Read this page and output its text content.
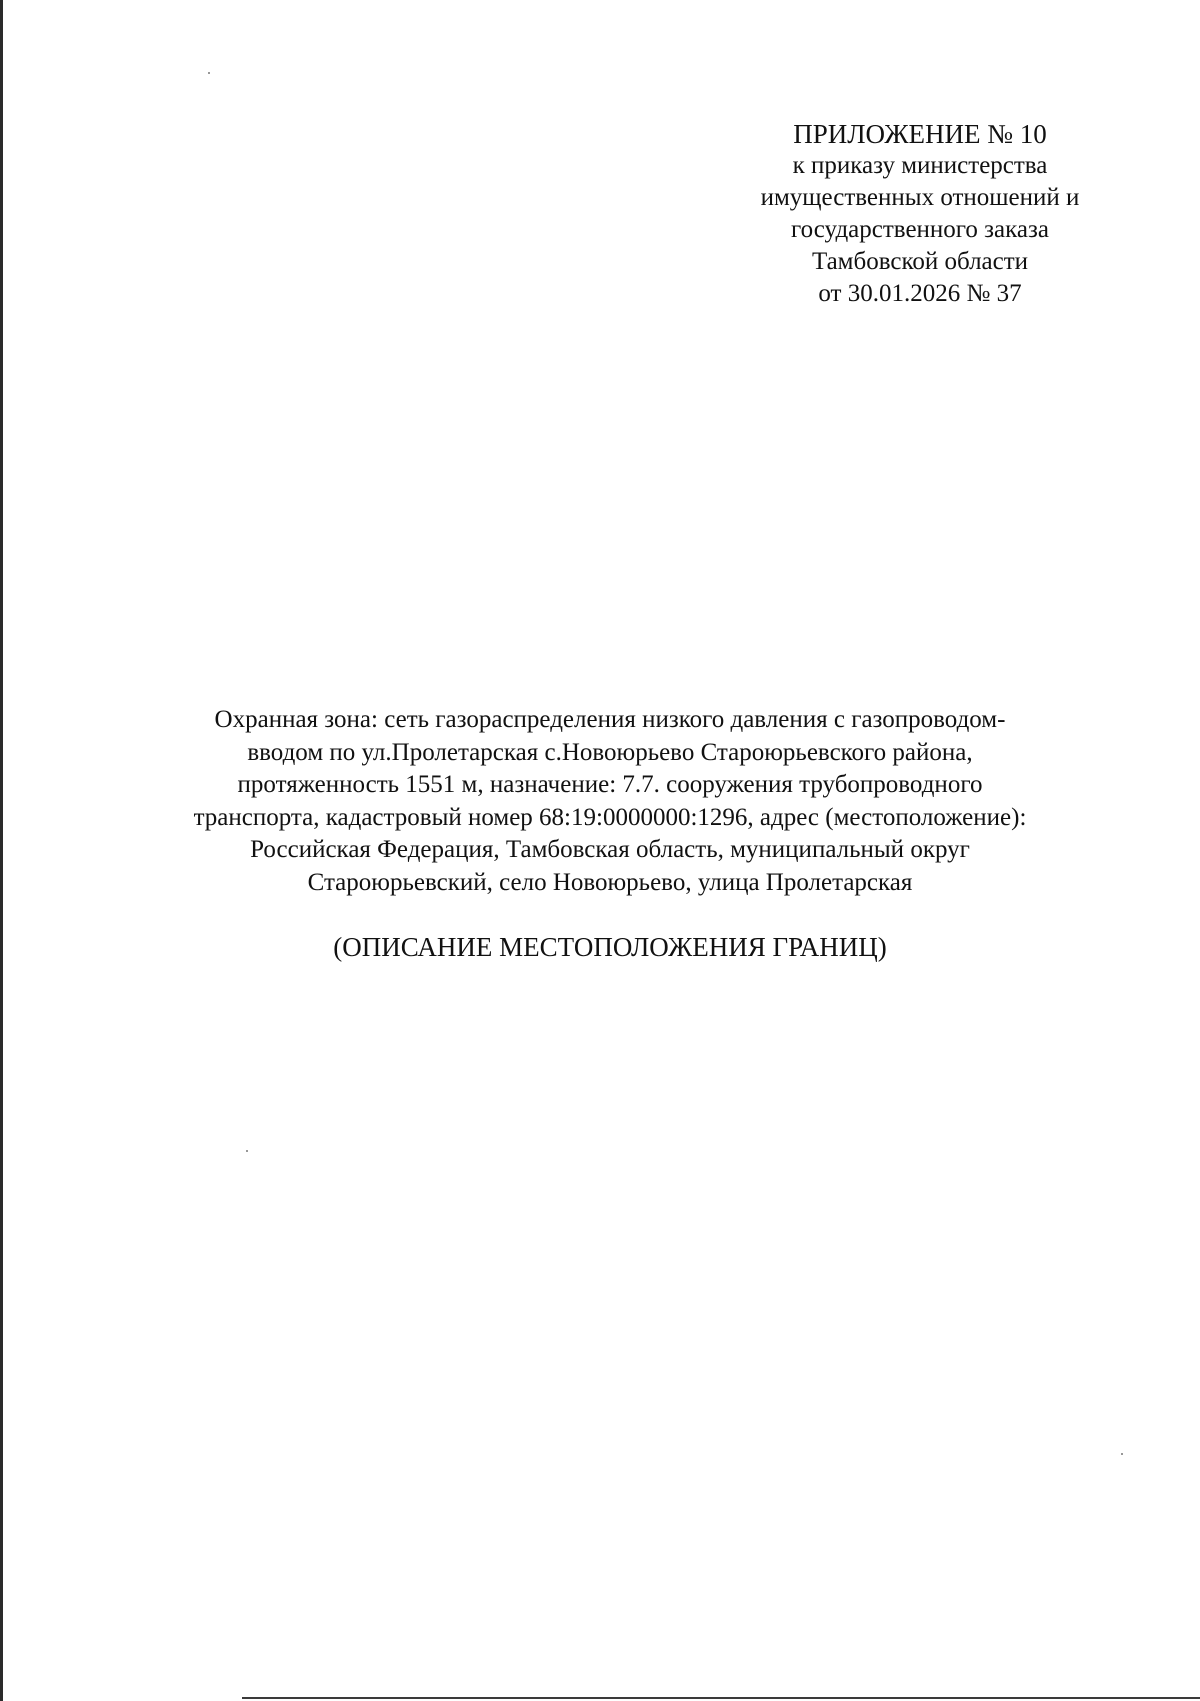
ПРИЛОЖЕНИЕ № 10
к приказу министерства
имущественных отношений и
государственного заказа
Тамбовской области
от 30.01.2026 № 37
Охранная зона: сеть газораспределения низкого давления с газопроводом-
вводом по ул.Пролетарская с.Новоюрьево Староюрьевского района,
протяженность 1551 м, назначение: 7.7. сооружения трубопроводного
транспорта, кадастровый номер 68:19:0000000:1296, адрес (местоположение):
Российская Федерация, Тамбовская область, муниципальный округ
Староюрьевский, село Новоюрьево, улица Пролетарская
(ОПИСАНИЕ МЕСТОПОЛОЖЕНИЯ ГРАНИЦ)
